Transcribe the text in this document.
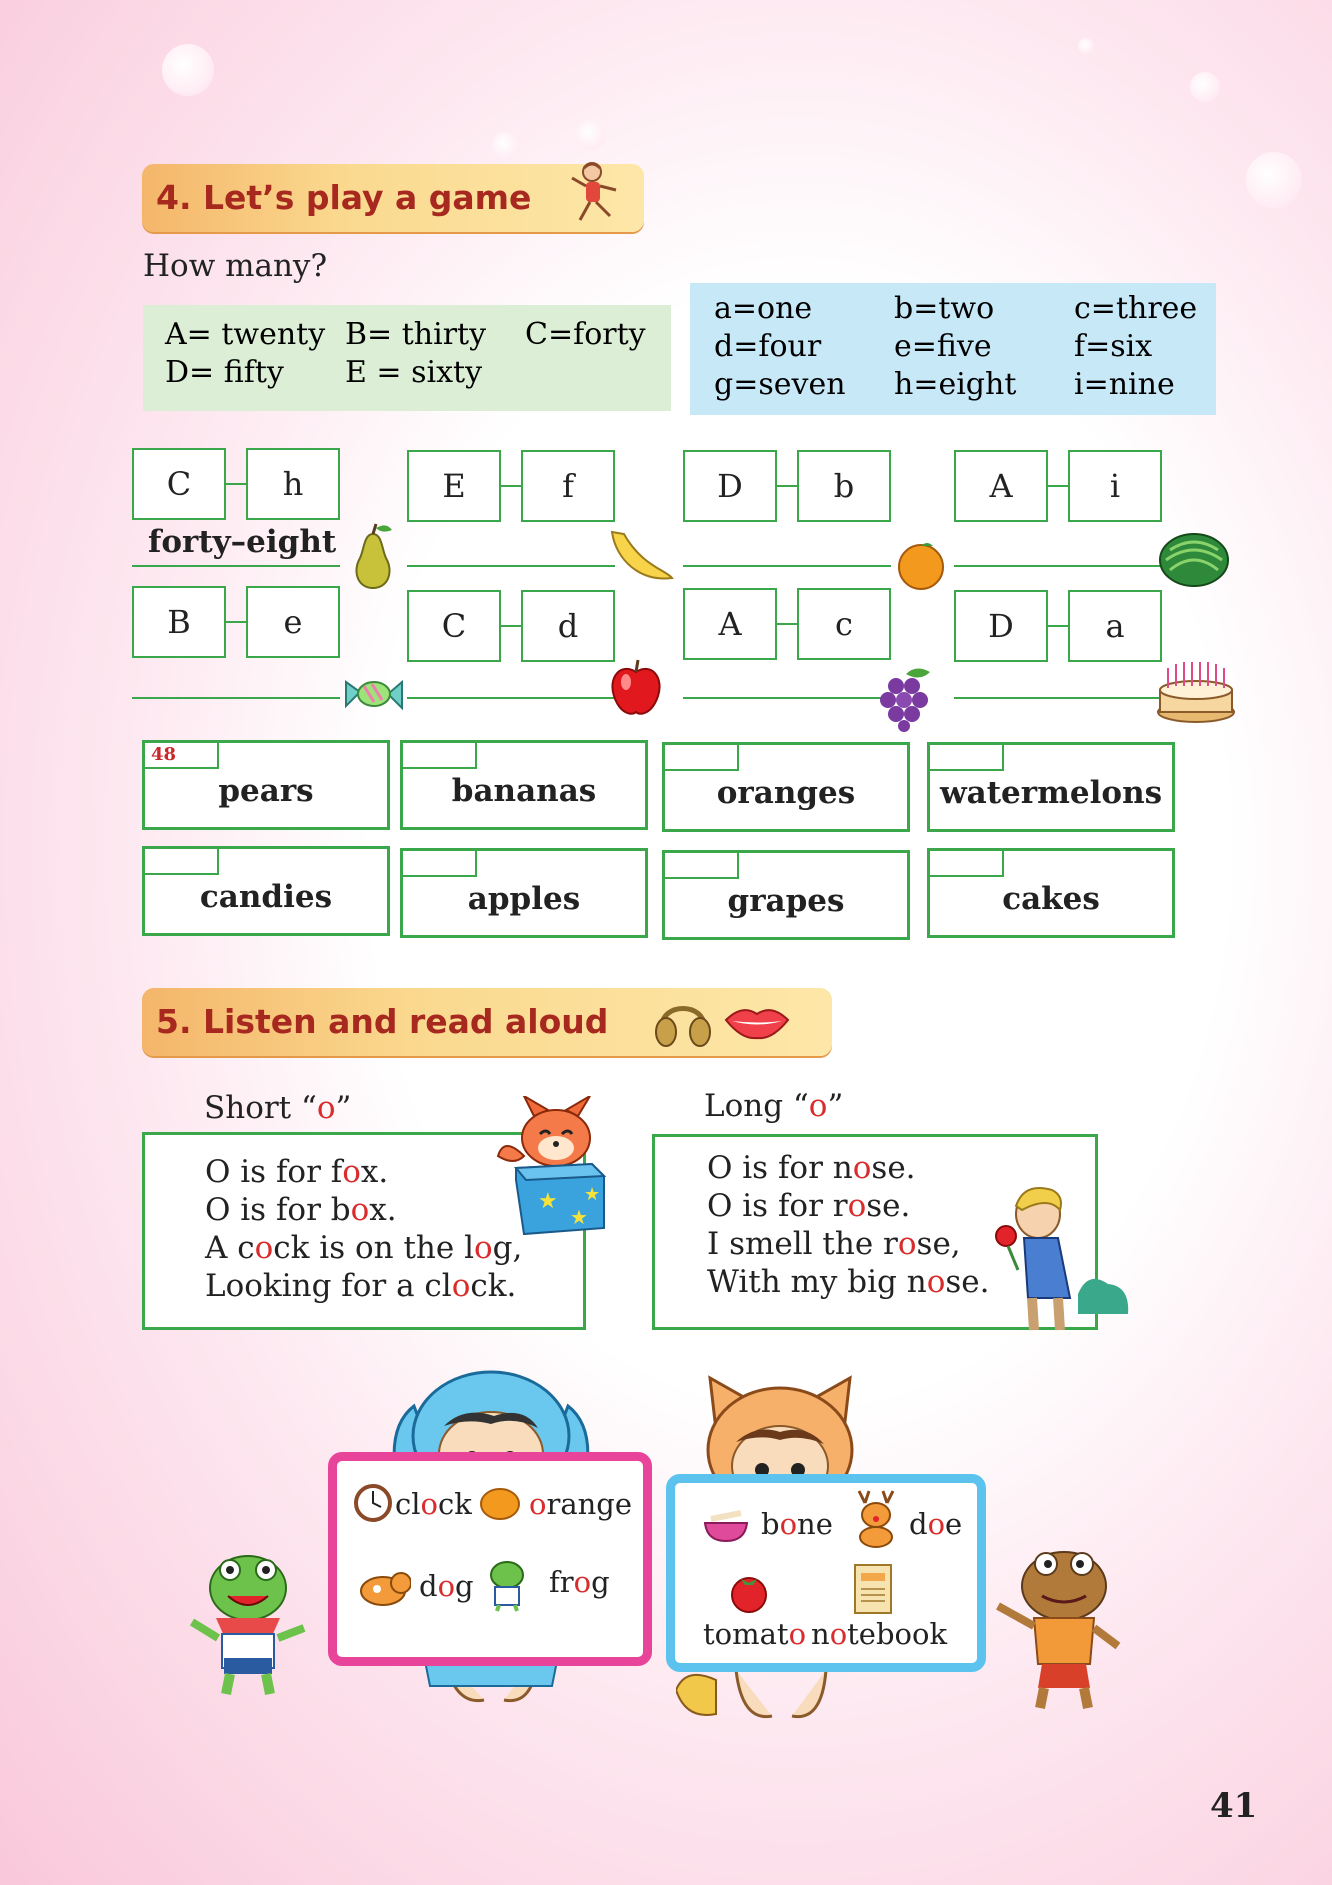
4. Let’s play a game
How many?
A= twenty B= thirty C=forty
D= fifty E = sixty
a=one	b=two	c=three
d=four e=five	f=six
g=seven h=eight i=nine
C	h	E	f	D	b	A	i
forty–eight
B	e	C	d	A	c	D	a
48
pears	bananas	oranges	watermelons
candies	apples	grapes	cakes
5. Listen and read aloud
Short “o”
O is for fox.
O is for box.
A cock is on the log,
Looking for a clock.
★
★
★
Long “o”
O is for nose.
O is for rose.
I smell the rose,
With my big nose.
clock orange
dog	frog
bone	doe
tomato notebook
41
